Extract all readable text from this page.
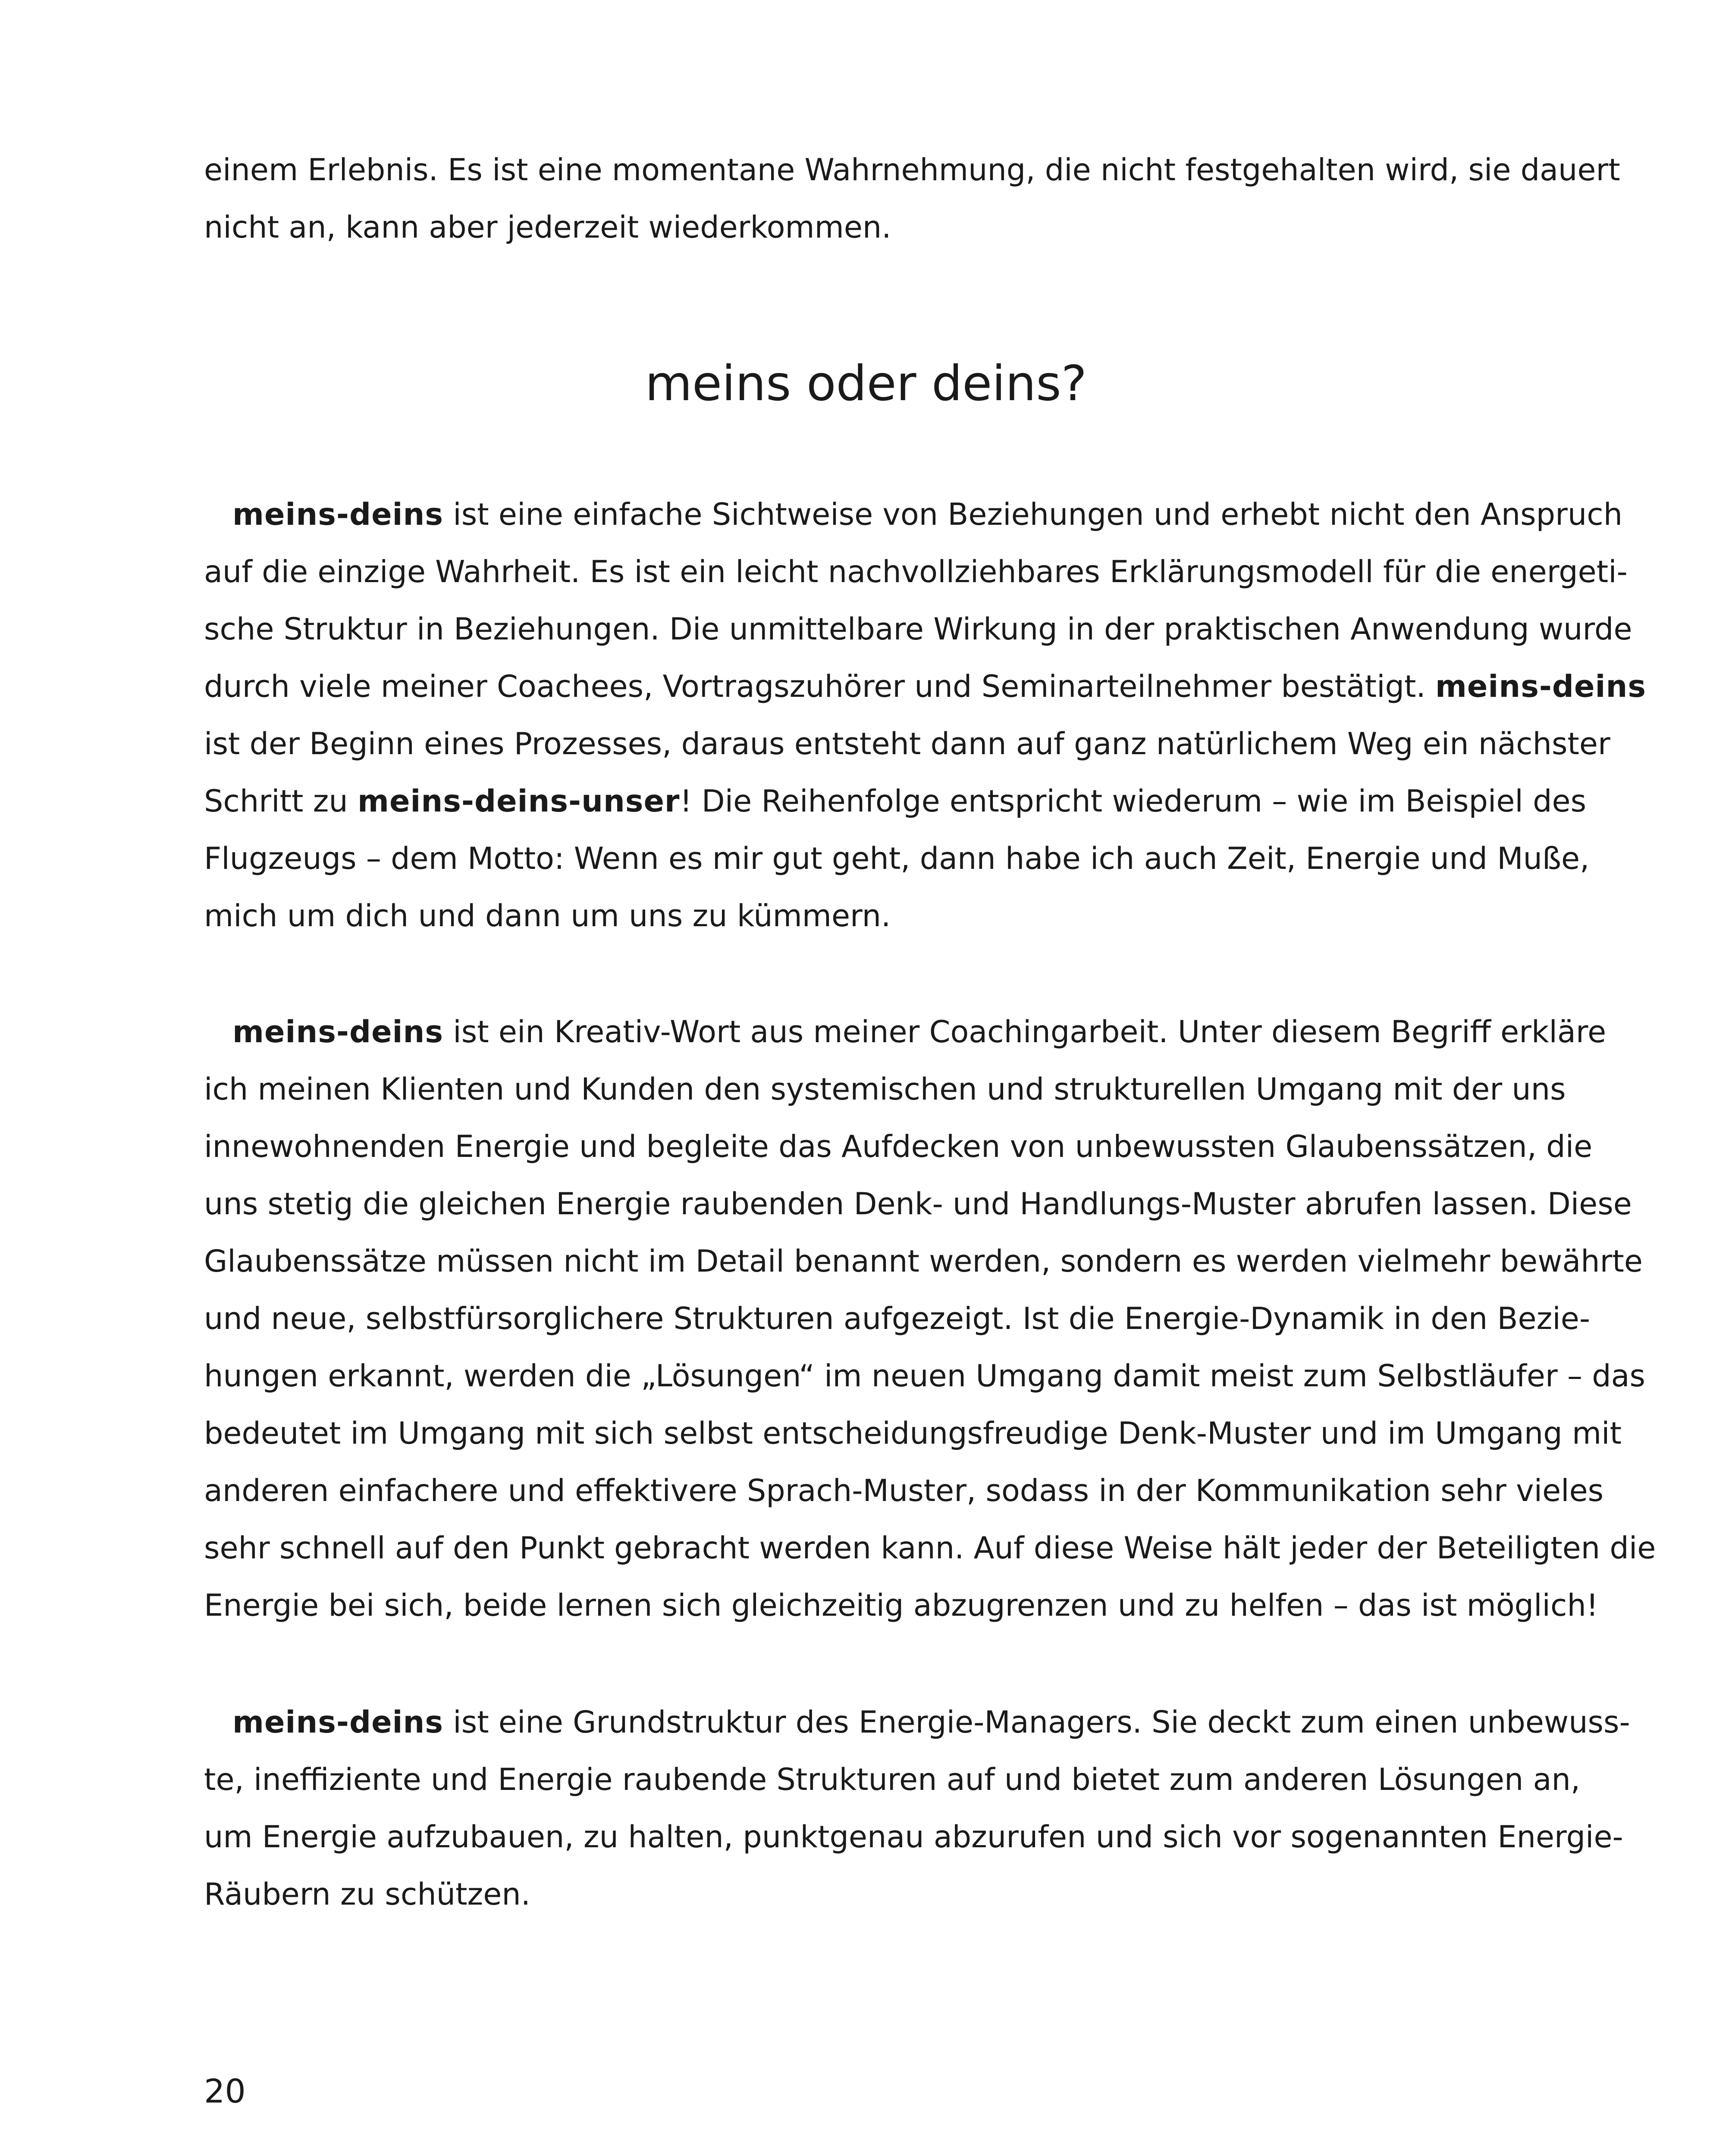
einem Erlebnis. Es ist eine momentane Wahrnehmung, die nicht festgehalten wird, sie dauert
nicht an, kann aber jederzeit wiederkommen.
meins oder deins?
meins-deins ist eine einfache Sichtweise von Beziehungen und erhebt nicht den Anspruch
auf die einzige Wahrheit. Es ist ein leicht nachvollziehbares Erklärungsmodell für die energeti-
sche Struktur in Beziehungen. Die unmittelbare Wirkung in der praktischen Anwendung wurde
durch viele meiner Coachees, Vortragszuhörer und Seminarteilnehmer bestätigt. meins-deins
ist der Beginn eines Prozesses, daraus entsteht dann auf ganz natürlichem Weg ein nächster
Schritt zu meins-deins-unser! Die Reihenfolge entspricht wiederum – wie im Beispiel des
Flugzeugs – dem Motto: Wenn es mir gut geht, dann habe ich auch Zeit, Energie und Muße,
mich um dich und dann um uns zu kümmern.
meins-deins ist ein Kreativ-Wort aus meiner Coachingarbeit. Unter diesem Begriff erkläre
ich meinen Klienten und Kunden den systemischen und strukturellen Umgang mit der uns
innewohnenden Energie und begleite das Aufdecken von unbewussten Glaubenssätzen, die
uns stetig die gleichen Energie raubenden Denk- und Handlungs-Muster abrufen lassen. Diese
Glaubenssätze müssen nicht im Detail benannt werden, sondern es werden vielmehr bewährte
und neue, selbstfürsorglichere Strukturen aufgezeigt. Ist die Energie-Dynamik in den Bezie-
hungen erkannt, werden die „Lösungen“ im neuen Umgang damit meist zum Selbstläufer – das
bedeutet im Umgang mit sich selbst entscheidungsfreudige Denk-Muster und im Umgang mit
anderen einfachere und effektivere Sprach-Muster, sodass in der Kommunikation sehr vieles
sehr schnell auf den Punkt gebracht werden kann. Auf diese Weise hält jeder der Beteiligten die
Energie bei sich, beide lernen sich gleichzeitig abzugrenzen und zu helfen – das ist möglich!
meins-deins ist eine Grundstruktur des Energie-Managers. Sie deckt zum einen unbewuss-
te, ineffiziente und Energie raubende Strukturen auf und bietet zum anderen Lösungen an,
um Energie aufzubauen, zu halten, punktgenau abzurufen und sich vor sogenannten Energie-
Räubern zu schützen.
20
